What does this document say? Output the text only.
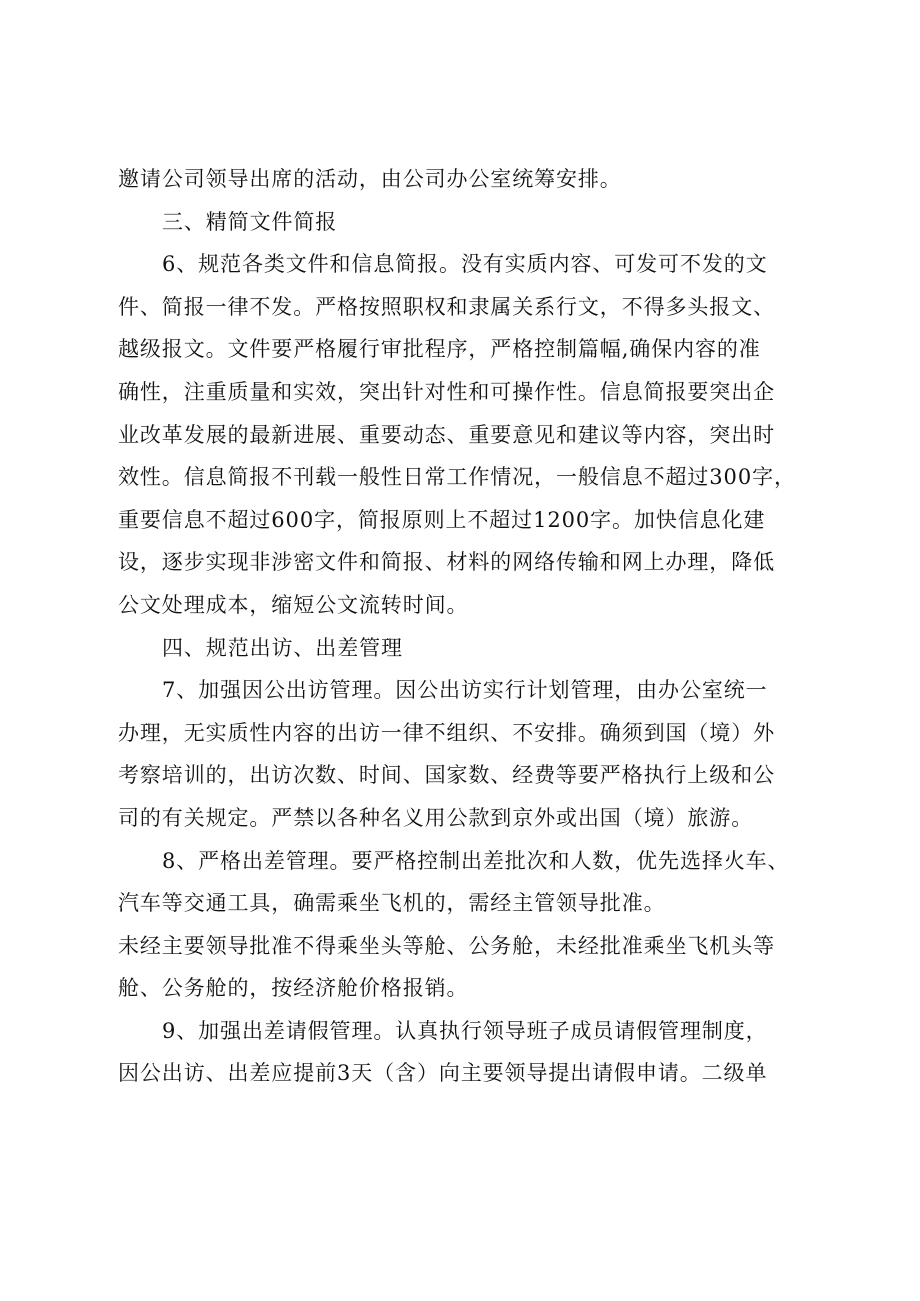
邀请公司领导出席的活动，由公司办公室统筹安排。

三、精简文件简报

6、规范各类文件和信息简报。没有实质内容、可发可不发的文
件、简报一律不发。严格按照职权和隶属关系行文，不得多头报文、
越级报文。文件要严格履行审批程序，严格控制篇幅,确保内容的准
确性，注重质量和实效，突出针对性和可操作性。信息简报要突出企
业改革发展的最新进展、重要动态、重要意见和建议等内容，突出时
效性。信息简报不刊载一般性日常工作情况，一般信息不超过300字，
重要信息不超过600字，简报原则上不超过1200字。加快信息化建
设，逐步实现非涉密文件和简报、材料的网络传输和网上办理，降低
公文处理成本，缩短公文流转时间。

四、规范出访、出差管理

7、加强因公出访管理。因公出访实行计划管理，由办公室统一
办理，无实质性内容的出访一律不组织、不安排。确须到国（境）外
考察培训的，出访次数、时间、国家数、经费等要严格执行上级和公
司的有关规定。严禁以各种名义用公款到京外或出国（境）旅游。

8、严格出差管理。要严格控制出差批次和人数，优先选择火车、
汽车等交通工具，确需乘坐飞机的，需经主管领导批准。

未经主要领导批准不得乘坐头等舱、公务舱，未经批准乘坐飞机头等
舱、公务舱的，按经济舱价格报销。

9、加强出差请假管理。认真执行领导班子成员请假管理制度，
因公出访、出差应提前3天（含）向主要领导提出请假申请。二级单
